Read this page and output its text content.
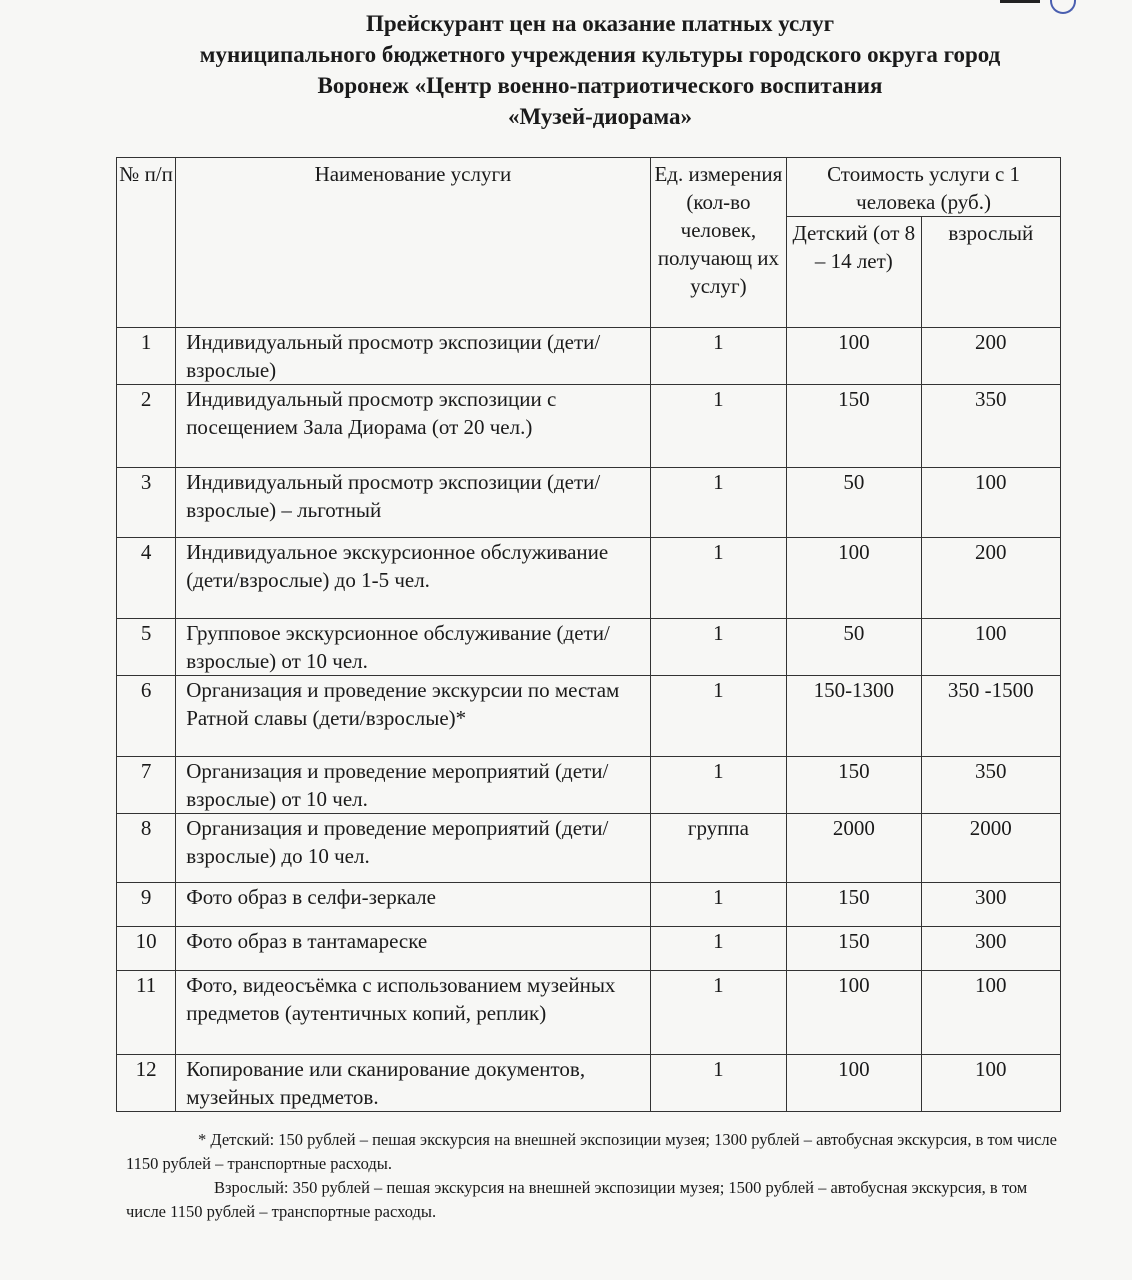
Прейскурант цен на оказание платных услуг
муниципального бюджетного учреждения культуры городского округа город
Воронеж «Центр военно-патриотического воспитания
«Музей-диорама»
№ п/п	Наименование услуги	Ед. измерения (кол-во человек, получающ их услуг)	Стоимость услуги с 1 человека (руб.)	
			Детский (от 8 – 14 лет)	взрослый
1	Индивидуальный просмотр экспозиции (дети/взрослые)	1	100	200
2	Индивидуальный просмотр экспозиции с посещением Зала Диорама (от 20 чел.)	1	150	350
3	Индивидуальный просмотр экспозиции (дети/взрослые) – льготный	1	50	100
4	Индивидуальное экскурсионное обслуживание (дети/взрослые) до 1-5 чел.	1	100	200
5	Групповое экскурсионное обслуживание (дети/взрослые) от 10 чел.	1	50	100
6	Организация и проведение экскурсии по местам Ратной славы (дети/взрослые)*	1	150-1300	350 -1500
7	Организация и проведение мероприятий (дети/взрослые) от 10 чел.	1	150	350
8	Организация и проведение мероприятий (дети/взрослые) до 10 чел.	группа	2000	2000
9	Фото образ в селфи-зеркале	1	150	300
10	Фото образ в тантамареске	1	150	300
11	Фото, видеосъёмка с использованием музейных предметов (аутентичных копий, реплик)	1	100	100
12	Копирование или сканирование документов, музейных предметов.	1	100	100
* Детский: 150 рублей – пешая экскурсия на внешней экспозиции музея; 1300 рублей – автобусная экскурсия, в том числе 1150 рублей – транспортные расходы.
Взрослый: 350 рублей – пешая экскурсия на внешней экспозиции музея; 1500 рублей – автобусная экскурсия, в том числе 1150 рублей – транспортные расходы.
